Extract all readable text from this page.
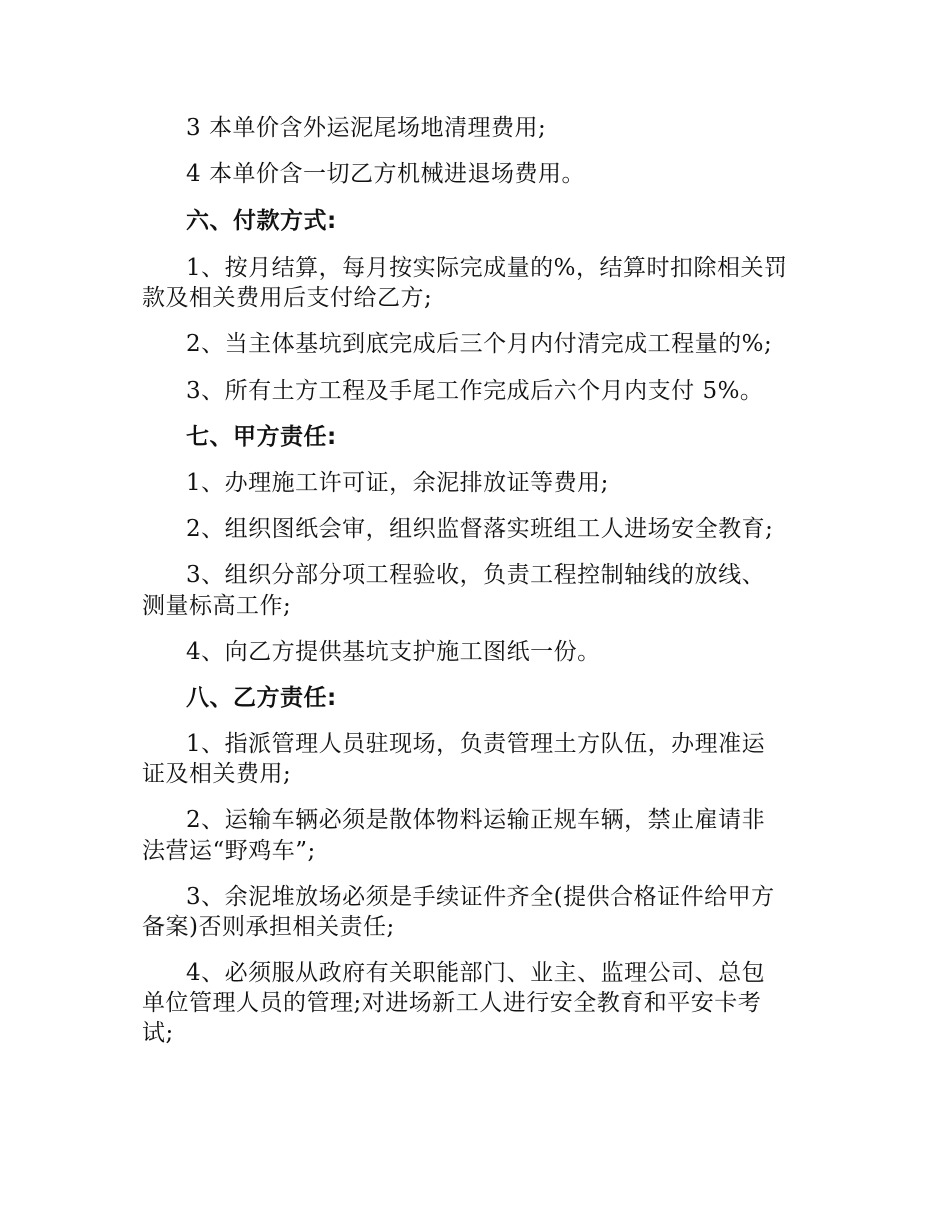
3 本单价含外运泥尾场地清理费用;
4 本单价含一切乙方机械进退场费用。
六、付款方式:
1、按月结算，每月按实际完成量的%，结算时扣除相关罚
款及相关费用后支付给乙方;
2、当主体基坑到底完成后三个月内付清完成工程量的%;
3、所有土方工程及手尾工作完成后六个月内支付 5%。
七、甲方责任:
1、办理施工许可证，余泥排放证等费用;
2、组织图纸会审，组织监督落实班组工人进场安全教育;
3、组织分部分项工程验收，负责工程控制轴线的放线、
测量标高工作;
4、向乙方提供基坑支护施工图纸一份。
八、乙方责任:
1、指派管理人员驻现场，负责管理土方队伍，办理准运
证及相关费用;
2、运输车辆必须是散体物料运输正规车辆，禁止雇请非
法营运“野鸡车”;
3、余泥堆放场必须是手续证件齐全(提供合格证件给甲方
备案)否则承担相关责任;
4、必须服从政府有关职能部门、业主、监理公司、总包
单位管理人员的管理;对进场新工人进行安全教育和平安卡考
试;
